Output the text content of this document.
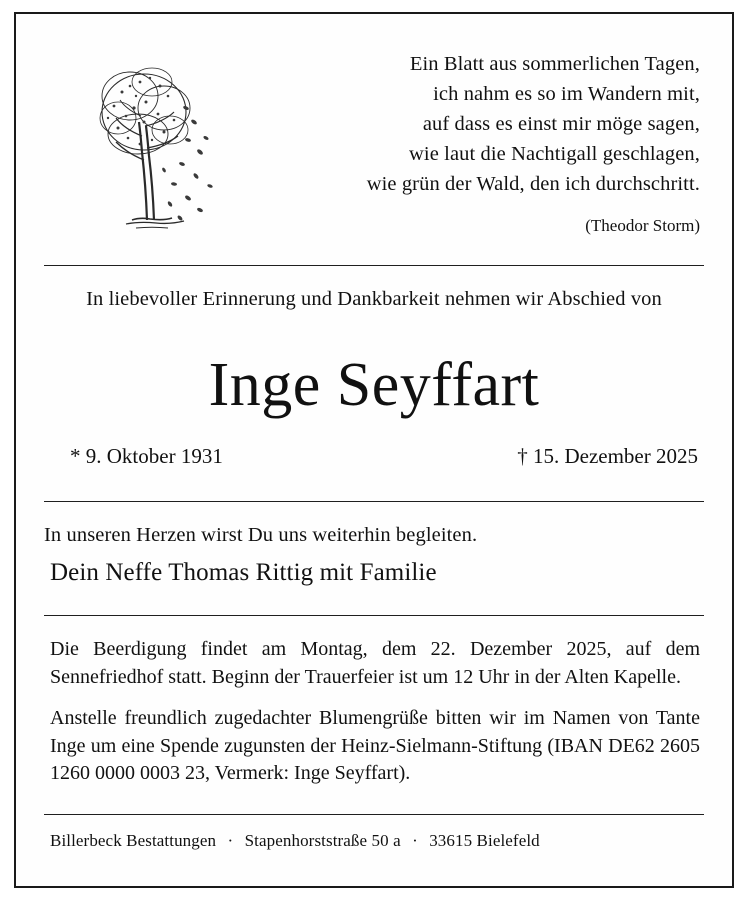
Ein Blatt aus sommerlichen Tagen,
ich nahm es so im Wandern mit,
auf dass es einst mir möge sagen,
wie laut die Nachtigall geschlagen,
wie grün der Wald, den ich durchschritt.
(Theodor Storm)
In liebevoller Erinnerung und Dankbarkeit nehmen wir Abschied von
Inge Seyffart
* 9. Oktober 1931	† 15. Dezember 2025
In unseren Herzen wirst Du uns weiterhin begleiten.
Dein Neffe Thomas Rittig mit Familie

Die Beerdigung findet am Montag, dem 22. Dezember 2025, auf dem Sennefriedhof statt. Beginn der Trauerfeier ist um 12 Uhr in der Alten Kapelle.

Anstelle freundlich zugedachter Blumengrüße bitten wir im Namen von Tante Inge um eine Spende zugunsten der Heinz-Sielmann-Stiftung (IBAN DE62 2605 1260 0000 0003 23, Vermerk: Inge Seyffart).

Billerbeck Bestattungen · Stapenhorststraße 50 a · 33615 Bielefeld
